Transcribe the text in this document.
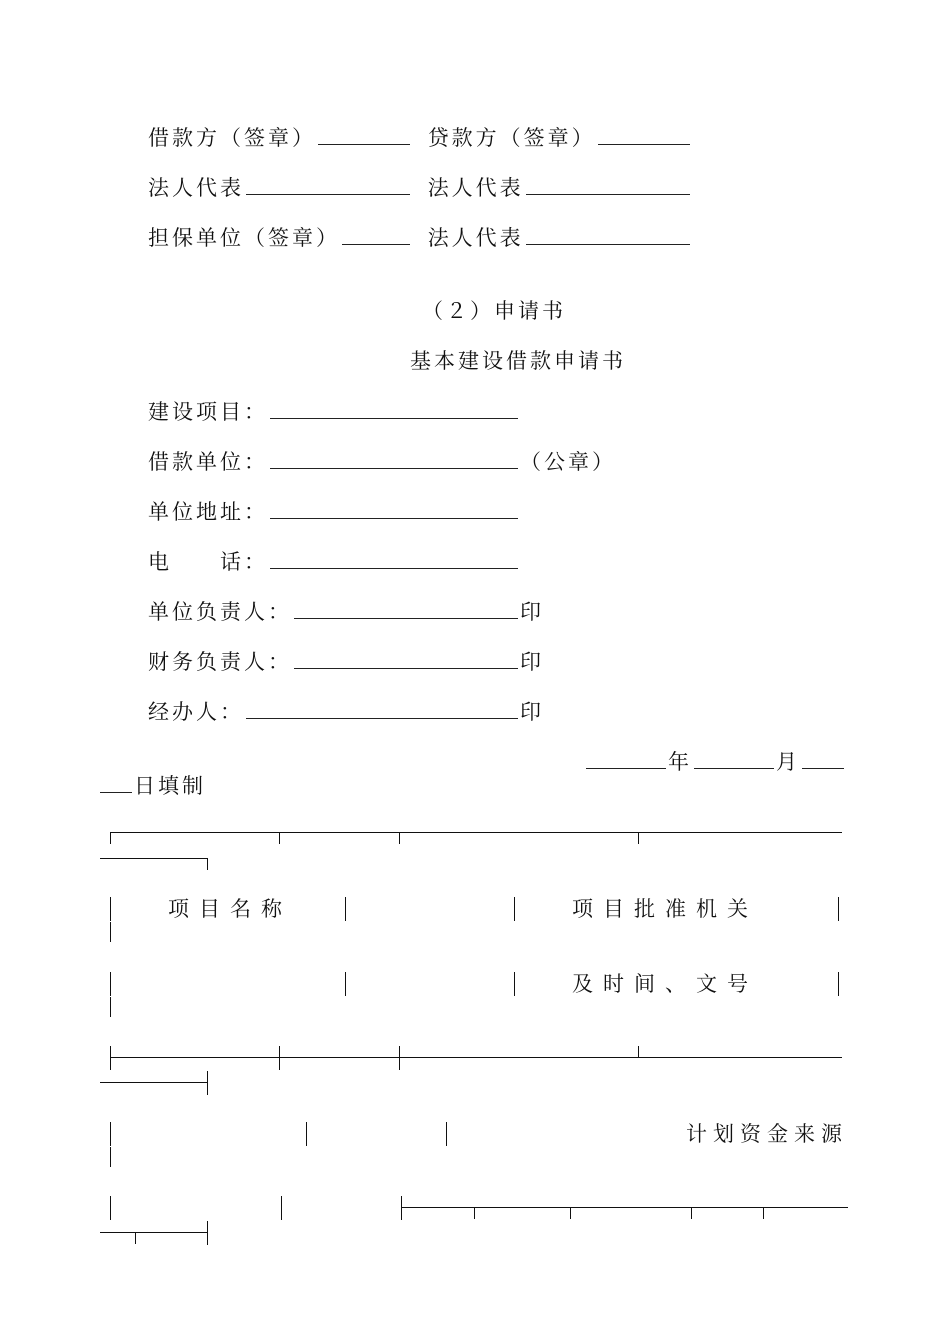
借款方（签章）	贷款方（签章）
法人代表	法人代表
担保单位（签章）	法人代表
（２）申请书
基本建设借款申请书
建设项目：
借款单位：	（公章）
单位地址：
电　　话：
单位负责人：	印
财务负责人：	印
经办人：	印
年	月
日填制
项目名称	项目批准机关
及时间、文号
计划资金来源
